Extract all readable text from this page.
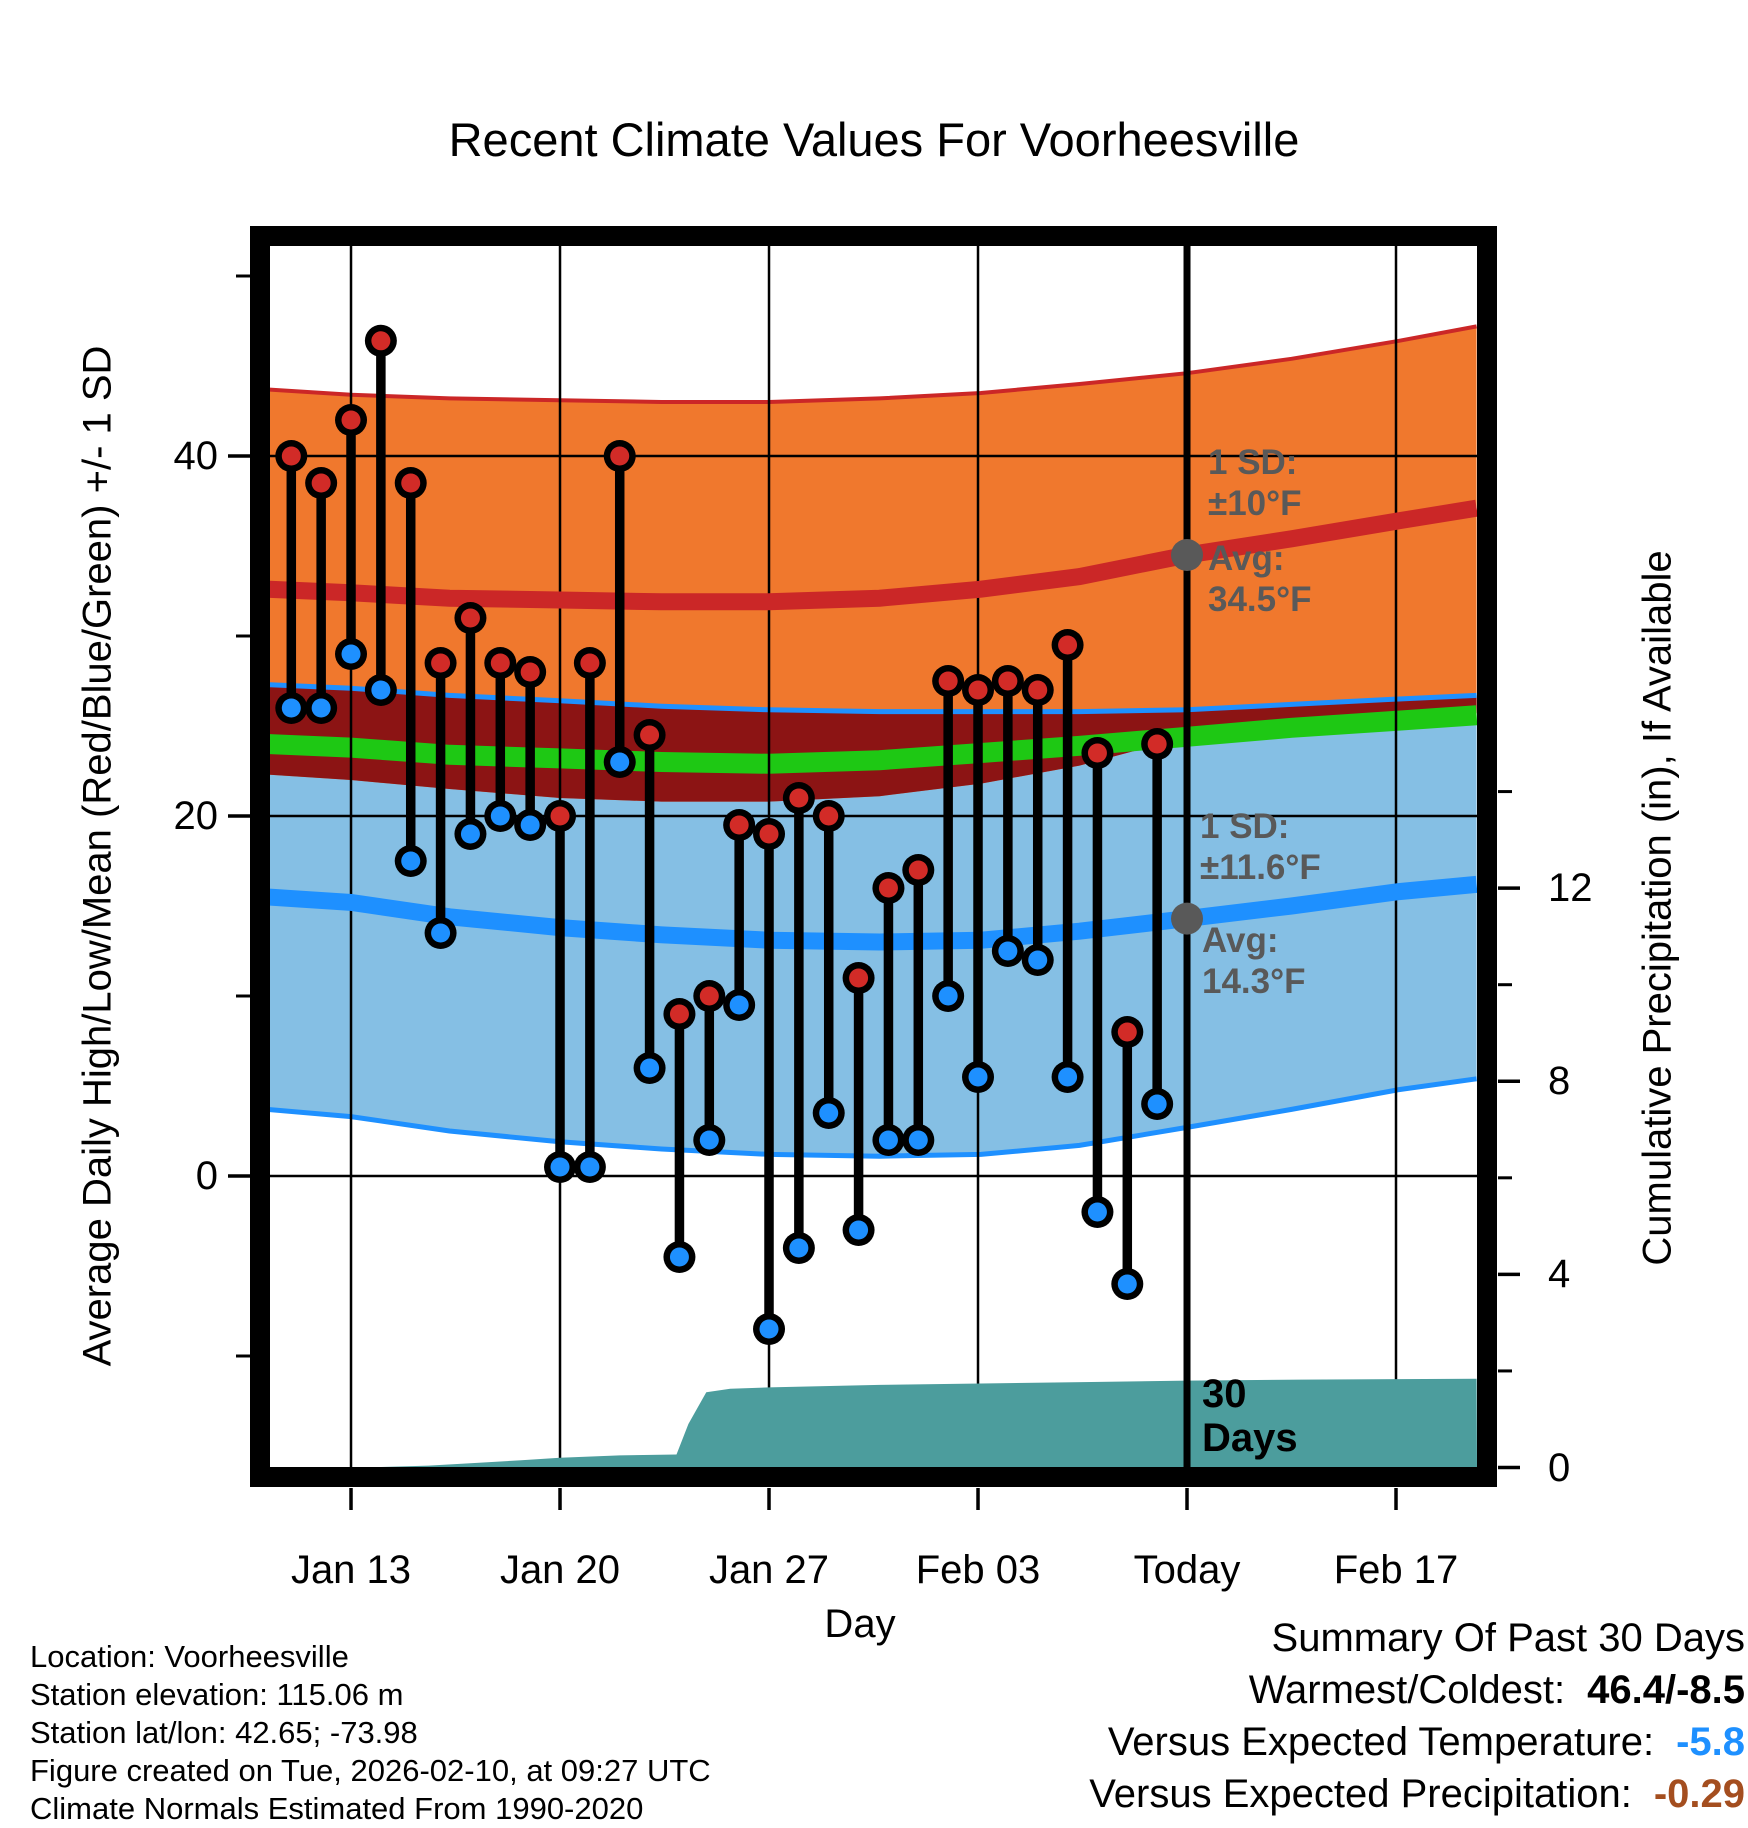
Recent Climate Values For Voorheesville
Average Daily High/Low/Mean (Red/Blue/Green) +/- 1 SD	Cumulative Precipitation (in), If Available
Day
1 SD:
±10°F
Avg:
34.5°F
1 SD:
±11.6°F
Avg:
14.3°F
30
Days
Location: Voorheesville
Station elevation: 115.06 m
Station lat/lon: 42.65; -73.98
Figure created on Tue, 2026-02-10, at 09:27 UTC
Climate Normals Estimated From 1990-2020
Summary Of Past 30 Days
Warmest/Coldest: 46.4/-8.5
Versus Expected Temperature: -5.8
Versus Expected Precipitation: -0.29
40
20
0
12
8
4
0
Jan 13	Jan 20	Jan 27	Feb 03	Today	Feb 17
